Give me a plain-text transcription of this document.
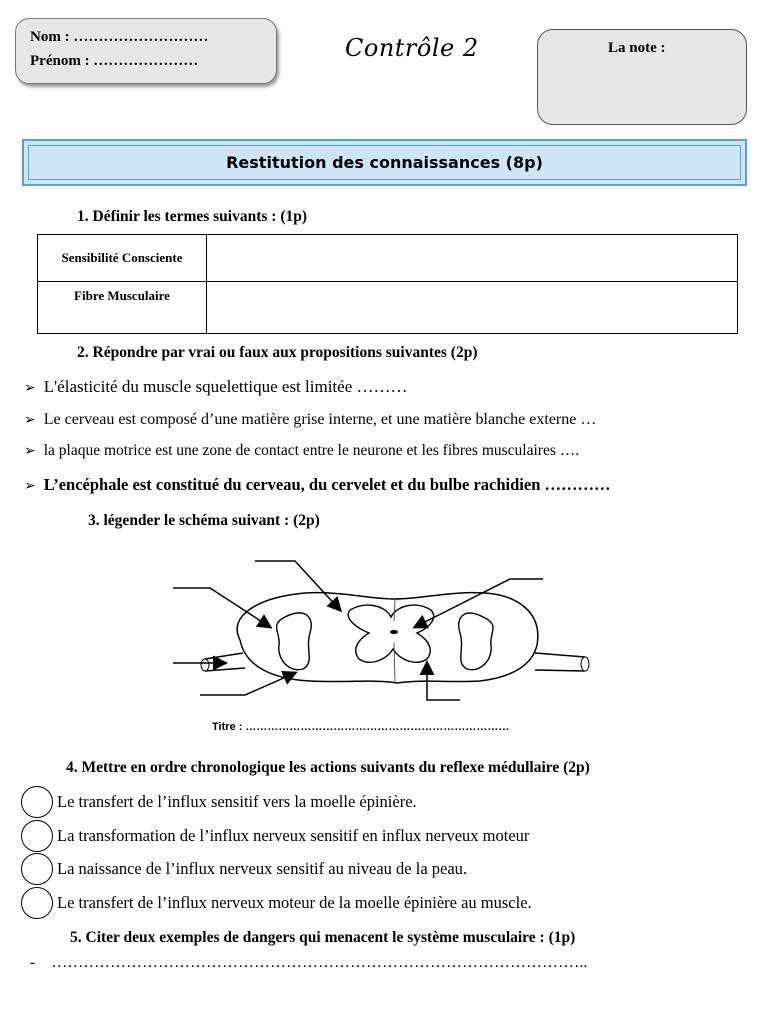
Nom : ………………………
Prénom : …………………	Contrôle 2	La note :
Restitution des connaissances (8p)
1. Définir les termes suivants : (1p)
Sensibilité Consciente	
Fibre Musculaire	
2. Répondre par vrai ou faux aux propositions suivantes (2p)
➢ L'élasticité du muscle squelettique est limitée ………
➢ Le cerveau est composé d’une matière grise interne, et une matière blanche externe …
➢ la plaque motrice est une zone de contact entre le neurone et les fibres musculaires ….
➢ L’encéphale est constitué du cerveau, du cervelet et du bulbe rachidien …………
3. légender le schéma suivant : (2p)
Titre : ………………………………………………………………
4. Mettre en ordre chronologique les actions suivants du reflexe médullaire (2p)
Le transfert de l’influx sensitif vers la moelle épinière.
La transformation de l’influx nerveux sensitif en influx nerveux moteur
La naissance de l’influx nerveux sensitif au niveau de la peau.
Le transfert de l’influx nerveux moteur de la moelle épinière au muscle.
5. Citer deux exemples de dangers qui menacent le système musculaire : (1p)
- ………………………………………………………………………………………..
